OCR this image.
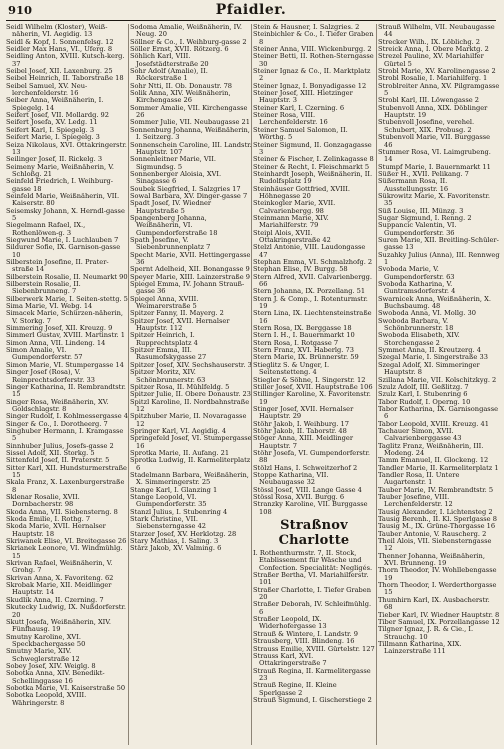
910	Pfaidler.

Seidl Wilhelm (Kloster), Weiß-näherin, VI. Aegidig. 13

Seidl & Kopf, I. Sonnenfelsg. 12

Seidler Max Hans, VI., Uferg. 8

Seidling Anton, XVIII. Kutsch-kerg. 37

Seibel Josef, XII. Laxenburg. 25

Seibel Heinrich, II. Taborstraße 18

Seibel Samuel, XV. Neu-lerchenfelderstr. 16

Seiber Anna, Weißnäherin, I. Spiegelg. 14

Seifert Josef, VII. Mollardg. 92

Seifert Josefa, XV. Ledg. 11

Seifert Karl, I. Spiegelg. 3

Seifert Marie, I. Spiegelg. 3

Seiza Nikolaus, XVI. Ottakringerstr. 13

Seilinger Josef, II. Rickelg. 3

Seimeny Marie, Weißnäherin, V. Schloßg. 21

Seinfeld Friedrich, I. Weihburg-gasse 18

Seinfeld Marie, Weißnäherin, VII. Kaiserstr. 80

Seisemsky Johann, X. Herndl-gasse 5

Siegelmann Rafael, IX., Rothenlöwen-g. 3

Siegwund Marie, I. Luchlauben 7

Sildurer Sofie, IX. Garnison-gasse 10

Silberstein Josefine, II. Prater-straße 14

Silberstein Rosalie, II. Neumarkt 90

Silberstein Rosalie, II. Siebenbrunneng. 7

Silberwerk Marie, I. Seiten-stettg. 5

Sima Marie, VI. Webg. 14

Simacek Marie, Schürzen-näherin, V. Storkg. 7

Simmering Josef, XII. Kreuzg. 9

Simmerl Gustav, XVIII. Martinstr. 1

Simon Anna, VII. Lindeng. 14

Simon Amalie, VI. Gumpendorferstr. 57

Simon Marie, VI. Stumpergasse 14

Singer Josef (Rosa), V. Reinprechtsdorferstr. 33

Singer Katharina, II. Rembrandtstr. 15

Singer Rosa, Weißnäherin, XV. Goldschlagstr. 8

Singer Rudolf, I. Kohlmessergasse 4

Singer & Co., I. Dorotheerg. 7

Singhuber Hermann, I. Kramgasse 5

Sinnhuber Julius, Josefs-gasse 2

Sissel Adolf, XII. Storkg. 5

Sittenfeld Josef, II. Praterstr. 5

Sitter Karl, XII. Hundsturmerstraße 15

Skala Franz, X. Laxenburgerstraße 8

Sklenar Rosalie, XVII. Dornbacherstr. 98

Skoda Anna, VII. Siebensterng. 8

Skoda Emilie, I. Rothg. 7

Skoda Marie, XVII. Hernalser Hauptstr. 18

Skriwanek Elise, VI. Breitegasse 26

Skrianek Leonore, VI. Windmühlg. 15

Skrivan Rafael, Weißnäherin, V. Grohg. 7

Skrivan Anna, X. Favoriteng. 62

Skrobak Marie, XII. Meidlinger Hauptstr. 14

Skudlik Anna, II. Czerning. 7

Skutecky Ludwig, IX. Nußdorferstr. 20

Skutt Josefa, Weißnäherin, XIV. Fünfhausg. 19

Smutny Karoline, XVI. Speckbachergasse 50

Smutny Marie, XIV. Schweglerstraße 12

Sobey Josef, XIV. Weiglg. 8

Sobotka Anna, XIV. Benedikt-Schellinggasse 16

Sobotka Marie, VI. Kaiserstraße 50

Sobotka Leopold, XVIII. Währingerstr. 8

Sodoma Amalie, Weißnäherin, IV. Neug. 20

Söllner & Co., I. Weihburg-gasse 2

Söller Ernst, XVII. Rötzerg. 6

Söhlich Karl, VIII. Josefstädterstraße 20

Sohr Adolf (Amalie), II. Röckerstraße 1

Sohr Ntti, II. Ob. Donaustr. 78

Solik Anna, XIV. Weißnäherin, Kirchengasse 26

Sommer Amalie, VII. Kirchengasse 26

Sommer Julie, VII. Neubaugasse 21

Sonnenburg Johanna, Weißnäherin, I. Seitzerg. 3

Sonnenschein Caroline, III. Landstr. Hauptstr. 107

Sonnenleitner Marie, VII. Sigmundsg. 5

Sonnenberger Aloisia, XVI. Sinagasse 6

Soubek Siegfried, I. Salzgries 17

Sowal Barbara, XV. Dinger-gasse 7

Spadt Josef, IV. Wiedner Hauptstraße 5

Spangenberg Johanna, Weißnäherin, VI. Gumpendorferstraße 18

Spath Josefine, V. Siebenbrunnenplatz 7

Specht Marie, XVII. Hettingergasse 36

Spernt Adelheid, XII. Bonangasse 9

Speyer Marie, XIII. Lainzerstraße 9

Spiegel Emma, IV. Johann Strauß-gasse 36

Spiegel Anna, XVIII. Weimarerstraße 5

Spitzer Fanny, II. Mayerg. 2

Spitzer Josef, XVII. Hernalser Hauptstr. 112

Spitzer Heinrich, I. Rupprechtsplatz 4

Spitzer Emma, III. Rasumofskygasse 27

Spitzer Josef, XIV. Sechshauserstr. 3

Spitzer Moritz, XIV. Schönbrunnerstr. 63

Spitzer Rosa, II. Mühlfeldg. 5

Spitzer Julie, II. Obere Donaustr. 23

Spitzl Karoline, II. Nordbahnstraße 12

Spitzhuber Marie, II. Novaragasse 12

Springer Karl, VI. Aegidig. 4

Springefeld Josef, VI. Stumpergasse 16

Sprotka Marie, II. Aufang. 21

Sprotka Ludwig, II. Karmeliterplatz 6

Stadelmann Barbara, Weißnäherin, X. Simmeringerstr. 25

Stange Karl, I. Glanzing 1

Stange Leopold, VI. Gumpendorferstr. 35

Stanzl Julius, I. Stubenring 4

Stark Christine, VII. Siebensterngasse 42

Starzer Josef, XV. Herklotzg. 28

Stary Mathias, I. Saling. 3

Stärz Jakob, XV. Valming. 6

Stein & Hausner, I. Salzgries. 2

Steinbichler & Co., I. Tiefer Graben 8

Steiner Anna, VIII. Wickenburgg. 2

Steiner Betti, II. Rothen-Sterngasse 30

Steiner Ignaz & Co., II. Marktplatz 2

Steiner Ignaz, I. Bonyadigasse 12

Steiner Josef, XIII. Hietzinger Hauptstr. 3

Steiner Karl, I. Czerning. 6

Steiner Rosa, VIII. Lerchenfelderstr. 16

Steiner Samuel Salomon, II. Wörthg. 5

Steiner Sigmund, II. Gonzagagasse 3

Steiner & Fischer, I. Zelinkagasse 8

Steiner & Recht, I. Fleischmarkt 5

Steinhardt Joseph, Weißnäherin, II. Rudolfsplatz 19

Steinhäuser Gottfried, XVIII. Höhnegasse 20

Steinkogler Marie, XVII. Calvarienbergg. 98

Steinmann Marie, XIV. Mariahilferstr. 79

Steipl Alois, XVII. Ottakringerstraße 42

Stelzl Antonie, VIII. Laudongasse 47

Stephan Emma, VI. Schmalzhofg. 2

Stephan Elise, IV. Burgg. 58

Stern Alfred, XVII. Calvarienbergg. 66

Stern Johanna, IX. Porzellang. 51

Stern J. & Comp., I. Rotenturmstr. 19

Stern Lina, IX. Liechtensteinstraße 16

Stern Rosa, IX. Berggasse 18

Stern I. H., I. Bauernmarkt 10

Stern Rosa, I. Rotgasse 7

Stern Franz, XVI. Haberlg. 73

Stern Marie, IX. Brünnerstr. 59

Stieglitz S. & Unger, I. Seitenstetteng. 4

Stiegler & Söhne, I. Singerstr. 12

Stiller Josef, XVII. Hauptstraße 106

Stillinger Karoline, X. Favoritenstr. 19

Stinger Josef, XVII. Hernalser Hauptstr. 29

Stöhr Jakob, I. Weihburg. 17

Stöhr Jakob, II. Taborstr. 48

Stöger Anna, XIII. Meidlinger Hauptstr. 7

Stöhr Josefa, VI. Gumpendorferstr. 88

Stölzl Hans, I. Schweitzerhof 2

Stoppe Katharina, VII. Neubaugasse 32

Stössl Josef, VIII. Lange Gasse 4

Stössl Rosa, XVII. Burgg. 6

Stranzky Karoline, VII. Burggasse 108

Straßnov Charlotte

I. Rothenthurmstr. 7, II. Stock, Etablissement für Wäsche und Confection. Specialität: Negligés.

Straßer Bertha, VI. Mariahilferstr. 101

Straßer Charlotte, I. Tiefer Graben 20

Straßer Deborah, IV. Schleifmühlg. 6

Straßer Leopold, IX. Widerhofergasse 13

Strauß & Wintere, I. Landstr. 9

Strausberg, VIII. Blindeng. 16

Strauss Emilie, XVIII. Gürtelstr. 127

Strauss Karl, XVI. Ottakringerstraße 7

Strauß Regina, II. Karmelitergasse 23

Strauß Regine, II. Kleine Sperlgasse 2

Strauß Sigmund, I. Gischerstiege 2

Strauß Wilhelm, VII. Neubaugasse 44

Strecker Wilh., IX. Löblichg. 2

Streick Anna, I. Obere Marktg. 2

Strezel Pauline, XV. Mariahilfer Gürtel 5

Strobl Marie, XV. Karolinengasse 2

Strobl Rosalie, I. Mariahilferg. 1

Stroblreiter Anna, XV. Pilgramgasse 5

Strobl Karl, III. Löwengasse 2

Stubenvoll Anna, XIX. Döblinger Hauptstr. 19

Stubenvoll Josefine, verehel. Schubert, XIX. Probusg. 2

Stubenvoll Marie, VII. Burggasse 46

Stummer Rosa, VI. Laimgrubeng. 14

Stumpf Marie, I. Bauernmarkt 11

Süßer H., XVII. Pelikang. 7

Süßermann Rosa, II. Ausstellungsstr. 16

Sükrowitz Marie, X. Favoritenstr. 35

Süß Louise, III. Münzg. 3

Sugar Sigmund, I. Renng. 2

Suppancic Valentin, VI. Gumpendorferstr. 36

Suren Marie, XII. Breitling-Schüler-gasse 13

Suzahky Julius (Anna), III. Rennweg 1

Svoboda Marie, V. Gumpendorferstr. 63

Svoboda Katharina, V. Guntramsdorferstr. 4

Swarnicek Anna, Weißnäherin, X. Buchsbaumg. 48

Swoboda Anna, VI. Mollg. 30

Swoboda Barbara, V. Schönbrunnerstr. 18

Swoboda Elisabeth, XIV. Storchengasse 2

Symmet Anna, II. Kreutzerg. 4

Szegal Marie, I. Singerstraße 33

Szegal Adolf, XI. Simmeringer Hauptstr. 8

Szillana Marie, VII. Kolschitzkyg. 2

Szulz Adolf, III. Geßlitzg. 7

Szulz Karl, I. Stubenring 6

Tabor Rudolf, I. Operng. 10

Tabor Katharina, IX. Garnisongasse 6

Tabor Leopold, XVIII. Kreuzg. 41

Tachauer Simon, XVII. Calvarienberggasse 43

Taglitz Franz, Weißnäherin, III. Modeng. 24

Tamm Emanuel, II. Glockeng. 12

Tandler Marie, II. Karmeliterplatz 1

Tandler Rosa, II. Untere Augartenstr. 1

Tauber Marie, IV. Rembrandtstr. 5

Tauber Josefine, VIII. Lerchenfelderstr. 12

Tausig Alexander, I. Lichtensteg 2

Tausig Berenh., II. Kl. Sperlgasse 8

Tausig M., IX. Grüne-Thorgasse 16

Tauber Antonie, V. Rauscherg. 2

Theil Alois, VII. Siebensterngasse 12

Thenner Johanna, Weißnäherin, XVI. Brunneng. 19

Thorn Theodor, IV. Wohllebengasse 19

Thorn Theodor, I. Werderthorgasse 15

Thumhirn Karl, IX. Ausbacherstr. 68

Tieber Karl, IV. Wiedner Hauptstr. 8

Tiber Samuel, IX. Porzellangasse 12

Tilgner Ignaz, J. R. & Cie., I. Strauchg. 10

Tillmann Katharina, XIX. Lainzerstraße 111
